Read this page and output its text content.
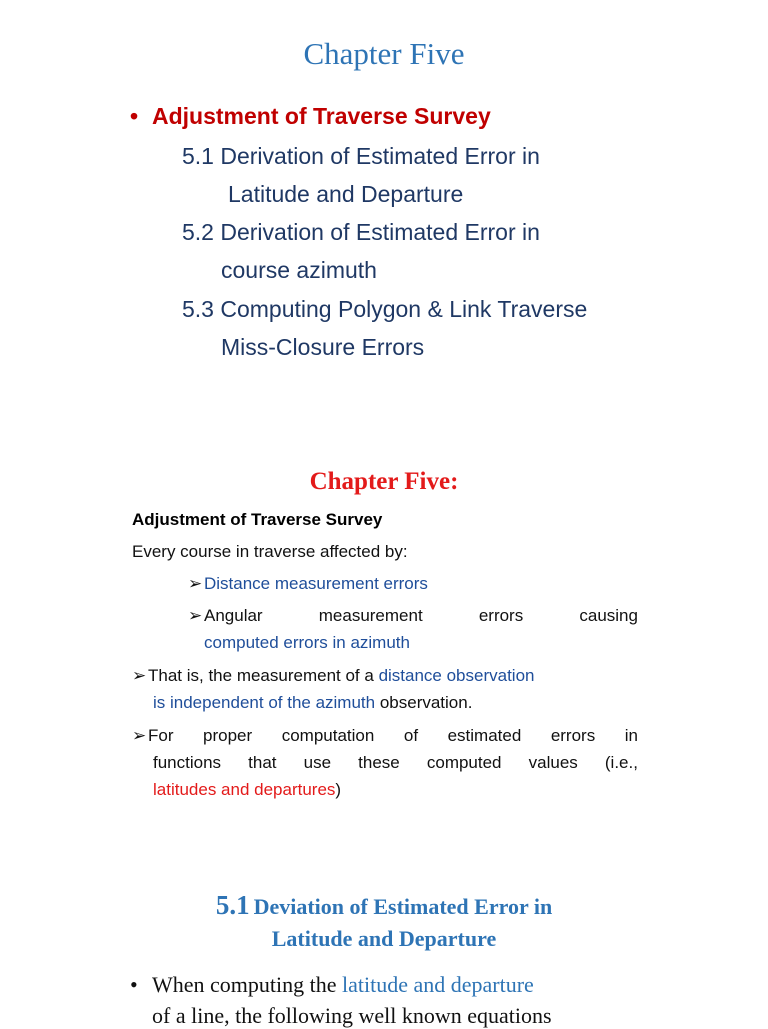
Chapter Five
• Adjustment of Traverse Survey
5.1 Derivation of Estimated Error in
Latitude and Departure
5.2 Derivation of Estimated Error in
course azimuth
5.3 Computing Polygon & Link Traverse
Miss-Closure Errors
Chapter Five:
Adjustment of Traverse Survey
Every course in traverse affected by:
➢ Distance measurement errors
➢ Angular	measurement	errors	causing
computed errors in azimuth
➢ That is, the measurement of a distance observation
is independent of the azimuth observation.
➢ For proper computation of estimated errors in
functions that use these computed values (i.e.,
latitudes and departures)
5.1 Deviation of Estimated Error in
Latitude and Departure
• When computing the latitude and departure
of a line, the following well known equations
